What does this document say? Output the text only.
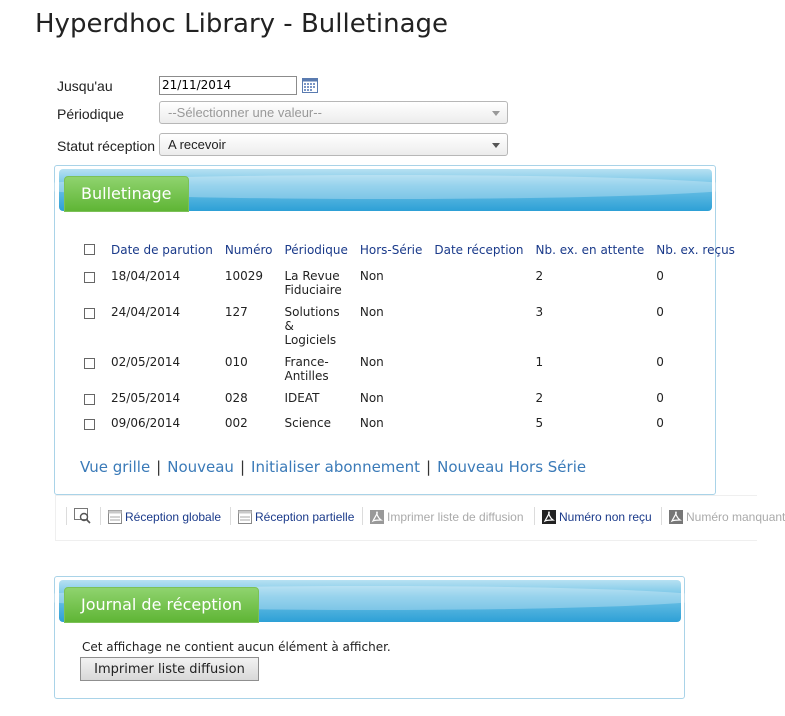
Hyperdhoc Library - Bulletinage
Jusqu'au
21/11/2014
Périodique	--Sélectionner une valeur--
Statut réception A recevoir
Bulletinage
	Date de parution	Numéro	Périodique	Hors-Série	Date réception	Nb. ex. en attente	Nb. ex. reçus
	18/04/2014	10029	La Revue
Fiduciaire	Non		2	0
	24/04/2014	127	Solutions
& Logiciels	Non		3	0
	02/05/2014	010	France-
Antilles	Non		1	0
	25/05/2014	028	IDEAT	Non		2	0
	09/06/2014	002	Science	Non		5	0
Vue grille | Nouveau | Initialiser abonnement | Nouveau Hors Série
Réception globale	Réception partielle	Imprimer liste de diffusion	Numéro non reçu	Numéro manquant
Journal de réception
Cet affichage ne contient aucun élément à afficher.
Imprimer liste diffusion
